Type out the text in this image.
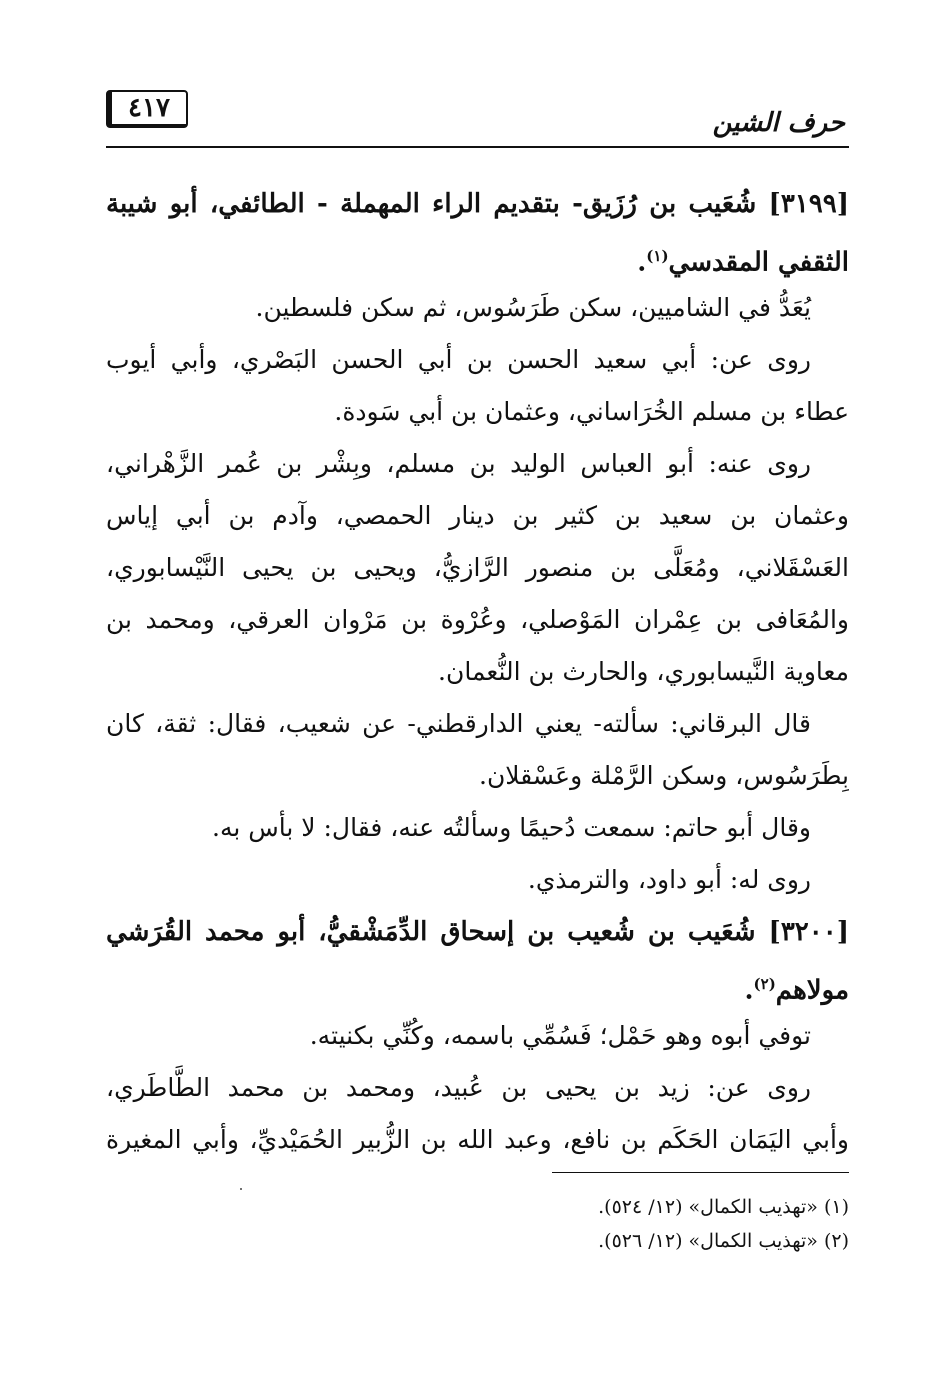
٤١٧	حرف الشين
[٣١٩٩] شُعَيب بن رُزَيق- بتقديم الراء المهملة - الطائفي، أبو شيبة
الثقفي المقدسي$^{(١)}$.
يُعَدُّ في الشاميين، سكن طَرَسُوس، ثم سكن فلسطين.
روى عن: أبي سعيد الحسن بن أبي الحسن البَصْري، وأبي أيوب
عطاء بن مسلم الخُرَاساني، وعثمان بن أبي سَودة.
روى عنه: أبو العباس الوليد بن مسلم، وبِشْر بن عُمر الزَّهْراني،
وعثمان بن سعيد بن كثير بن دينار الحمصي، وآدم بن أبي إياس
العَسْقَلاني، ومُعَلَّى بن منصور الرَّازيُّ، ويحيى بن يحيى النَّيْسابوري،
والمُعَافى بن عِمْران المَوْصلي، وعُرْوة بن مَرْوان العرقي، ومحمد بن
معاوية النَّيسابوري، والحارث بن النُّعمان.
قال البرقاني: سألته- يعني الدارقطني- عن شعيب، فقال: ثقة، كان
بِطَرَسُوس، وسكن الرَّمْلة وعَسْقلان.
وقال أبو حاتم: سمعت دُحيمًا وسألتُه عنه، فقال: لا بأس به.
روى له: أبو داود، والترمذي.
[٣٢٠٠] شُعَيب بن شُعيب بن إسحاق الدِّمَشْقيُّ، أبو محمد القُرَشي
مولاهم$^{(٢)}$.
توفي أبوه وهو حَمْل؛ فَسُمِّي باسمه، وكُنِّي بكنيته.
روى عن: زيد بن يحيى بن عُبيد، ومحمد بن محمد الطَّاطَري،
وأبي اليَمَان الحَكَم بن نافع، وعبد الله بن الزُّبير الحُمَيْديِّ، وأبي المغيرة
(١) «تهذيب الكمال» (١٢/ ٥٢٤).
(٢) «تهذيب الكمال» (١٢/ ٥٢٦).
